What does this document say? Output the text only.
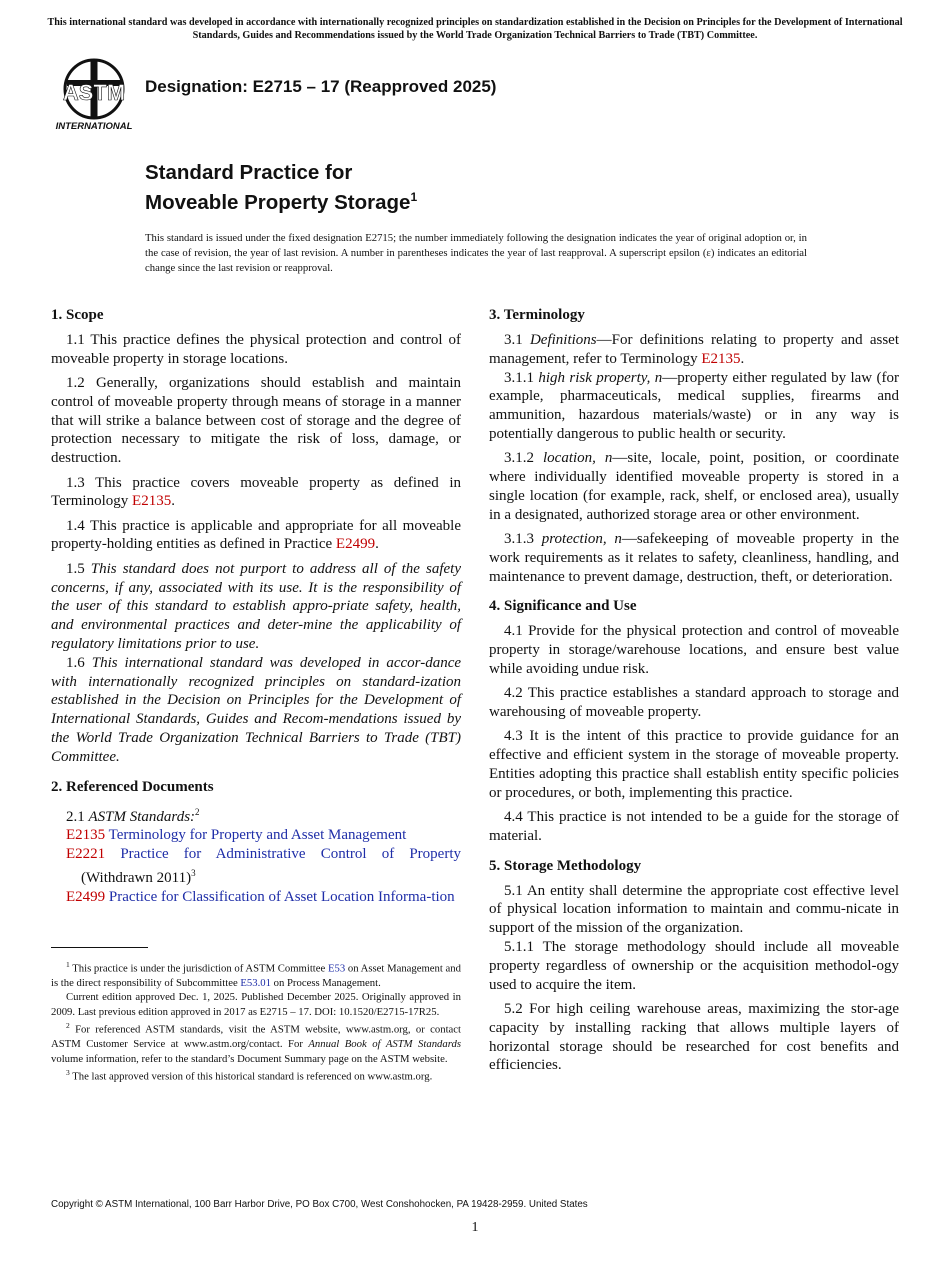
This international standard was developed in accordance with internationally recognized principles on standardization established in the Decision on Principles for the Development of International Standards, Guides and Recommendations issued by the World Trade Organization Technical Barriers to Trade (TBT) Committee.
ASTM
INTERNATIONAL
Designation: E2715 – 17 (Reapproved 2025)
Standard Practice for
Moveable Property Storage$^1$
This standard is issued under the fixed designation E2715; the number immediately following the designation indicates the year of original adoption or, in the case of revision, the year of last revision. A number in parentheses indicates the year of last reapproval. A superscript epsilon (ε) indicates an editorial change since the last revision or reapproval.
1. Scope

1.1 This practice defines the physical protection and control of moveable property in storage locations.

1.2 Generally, organizations should establish and maintain control of moveable property through means of storage in a manner that will strike a balance between cost of storage and the degree of protection necessary to mitigate the risk of loss, damage, or destruction.

1.3 This practice covers moveable property as defined in Terminology E2135.

1.4 This practice is applicable and appropriate for all moveable property-holding entities as defined in Practice E2499.

1.5 This standard does not purport to address all of the safety concerns, if any, associated with its use. It is the responsibility of the user of this standard to establish appro-priate safety, health, and environmental practices and deter-mine the applicability of regulatory limitations prior to use.

1.6 This international standard was developed in accor-dance with internationally recognized principles on standard-ization established in the Decision on Principles for the Development of International Standards, Guides and Recom-mendations issued by the World Trade Organization Technical Barriers to Trade (TBT) Committee.

2. Referenced Documents

2.1 ASTM Standards:$^2$

E2135 Terminology for Property and Asset Management
E2221 Practice for Administrative Control of Property (Withdrawn 2011)$^3$
E2499 Practice for Classification of Asset Location Informa-tion

$^1$ This practice is under the jurisdiction of ASTM Committee E53 on Asset Management and is the direct responsibility of Subcommittee E53.01 on Process Management.

Current edition approved Dec. 1, 2025. Published December 2025. Originally approved in 2009. Last previous edition approved in 2017 as E2715 – 17. DOI: 10.1520/E2715-17R25.

$^2$ For referenced ASTM standards, visit the ASTM website, www.astm.org, or contact ASTM Customer Service at www.astm.org/contact. For Annual Book of ASTM Standards volume information, refer to the standard’s Document Summary page on the ASTM website.

$^3$ The last approved version of this historical standard is referenced on www.astm.org.

3. Terminology

3.1 Definitions—For definitions relating to property and asset management, refer to Terminology E2135.

3.1.1 high risk property, n—property either regulated by law (for example, pharmaceuticals, medical supplies, firearms and ammunition, hazardous materials/waste) or in any way is potentially dangerous to public health or security.

3.1.2 location, n—site, locale, point, position, or coordinate where individually identified moveable property is stored in a single location (for example, rack, shelf, or enclosed area), usually in a designated, authorized storage area or other environment.

3.1.3 protection, n—safekeeping of moveable property in the work requirements as it relates to safety, cleanliness, handling, and maintenance to prevent damage, destruction, theft, or deterioration.

4. Significance and Use

4.1 Provide for the physical protection and control of moveable property in storage/warehouse locations, and ensure best value while avoiding undue risk.

4.2 This practice establishes a standard approach to storage and warehousing of moveable property.

4.3 It is the intent of this practice to provide guidance for an effective and efficient system in the storage of moveable property. Entities adopting this practice shall establish entity specific policies or procedures, or both, implementing this practice.

4.4 This practice is not intended to be a guide for the storage of material.

5. Storage Methodology

5.1 An entity shall determine the appropriate cost effective level of physical location information to maintain and commu-nicate in support of the mission of the organization.

5.1.1 The storage methodology should include all moveable property regardless of ownership or the acquisition methodol-ogy used to acquire the item.

5.2 For high ceiling warehouse areas, maximizing the stor-age capacity by installing racking that allows multiple layers of horizontal storage should be researched for cost benefits and efficiencies.

Copyright © ASTM International, 100 Barr Harbor Drive, PO Box C700, West Conshohocken, PA 19428-2959. United States
1
